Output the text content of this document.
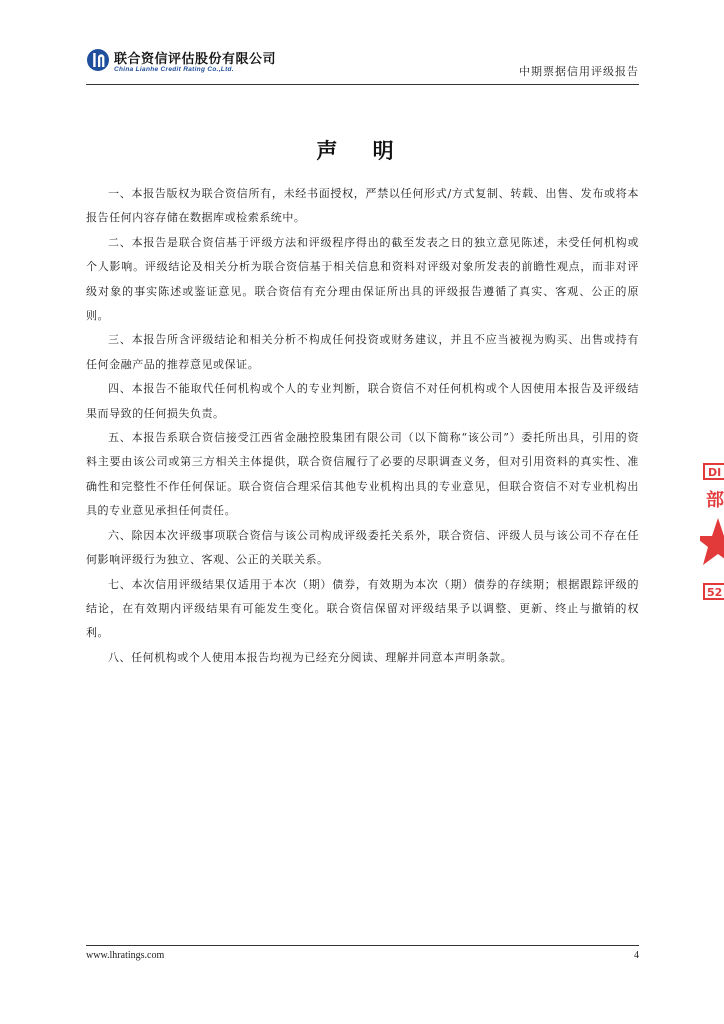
联合资信评估股份有限公司
China Lianhe Credit Rating Co.,Ltd.	中期票据信用评级报告
声 明

一、本报告版权为联合资信所有，未经书面授权，严禁以任何形式/方式复制、转载、出售、发布或将本报告任何内容存储在数据库或检索系统中。

二、本报告是联合资信基于评级方法和评级程序得出的截至发表之日的独立意见陈述，未受任何机构或个人影响。评级结论及相关分析为联合资信基于相关信息和资料对评级对象所发表的前瞻性观点，而非对评级对象的事实陈述或鉴证意见。联合资信有充分理由保证所出具的评级报告遵循了真实、客观、公正的原则。

三、本报告所含评级结论和相关分析不构成任何投资或财务建议，并且不应当被视为购买、出售或持有任何金融产品的推荐意见或保证。

四、本报告不能取代任何机构或个人的专业判断，联合资信不对任何机构或个人因使用本报告及评级结果而导致的任何损失负责。

五、本报告系联合资信接受江西省金融控股集团有限公司（以下简称“该公司”）委托所出具，引用的资料主要由该公司或第三方相关主体提供，联合资信履行了必要的尽职调查义务，但对引用资料的真实性、准确性和完整性不作任何保证。联合资信合理采信其他专业机构出具的专业意见，但联合资信不对专业机构出具的专业意见承担任何责任。

六、除因本次评级事项联合资信与该公司构成评级委托关系外，联合资信、评级人员与该公司不存在任何影响评级行为独立、客观、公正的关联关系。

七、本次信用评级结果仅适用于本次（期）债券，有效期为本次（期）债券的存续期；根据跟踪评级的结论，在有效期内评级结果有可能发生变化。联合资信保留对评级结果予以调整、更新、终止与撤销的权利。

八、任何机构或个人使用本报告均视为已经充分阅读、理解并同意本声明条款。

DI
部
52
www.lhratings.com	4
